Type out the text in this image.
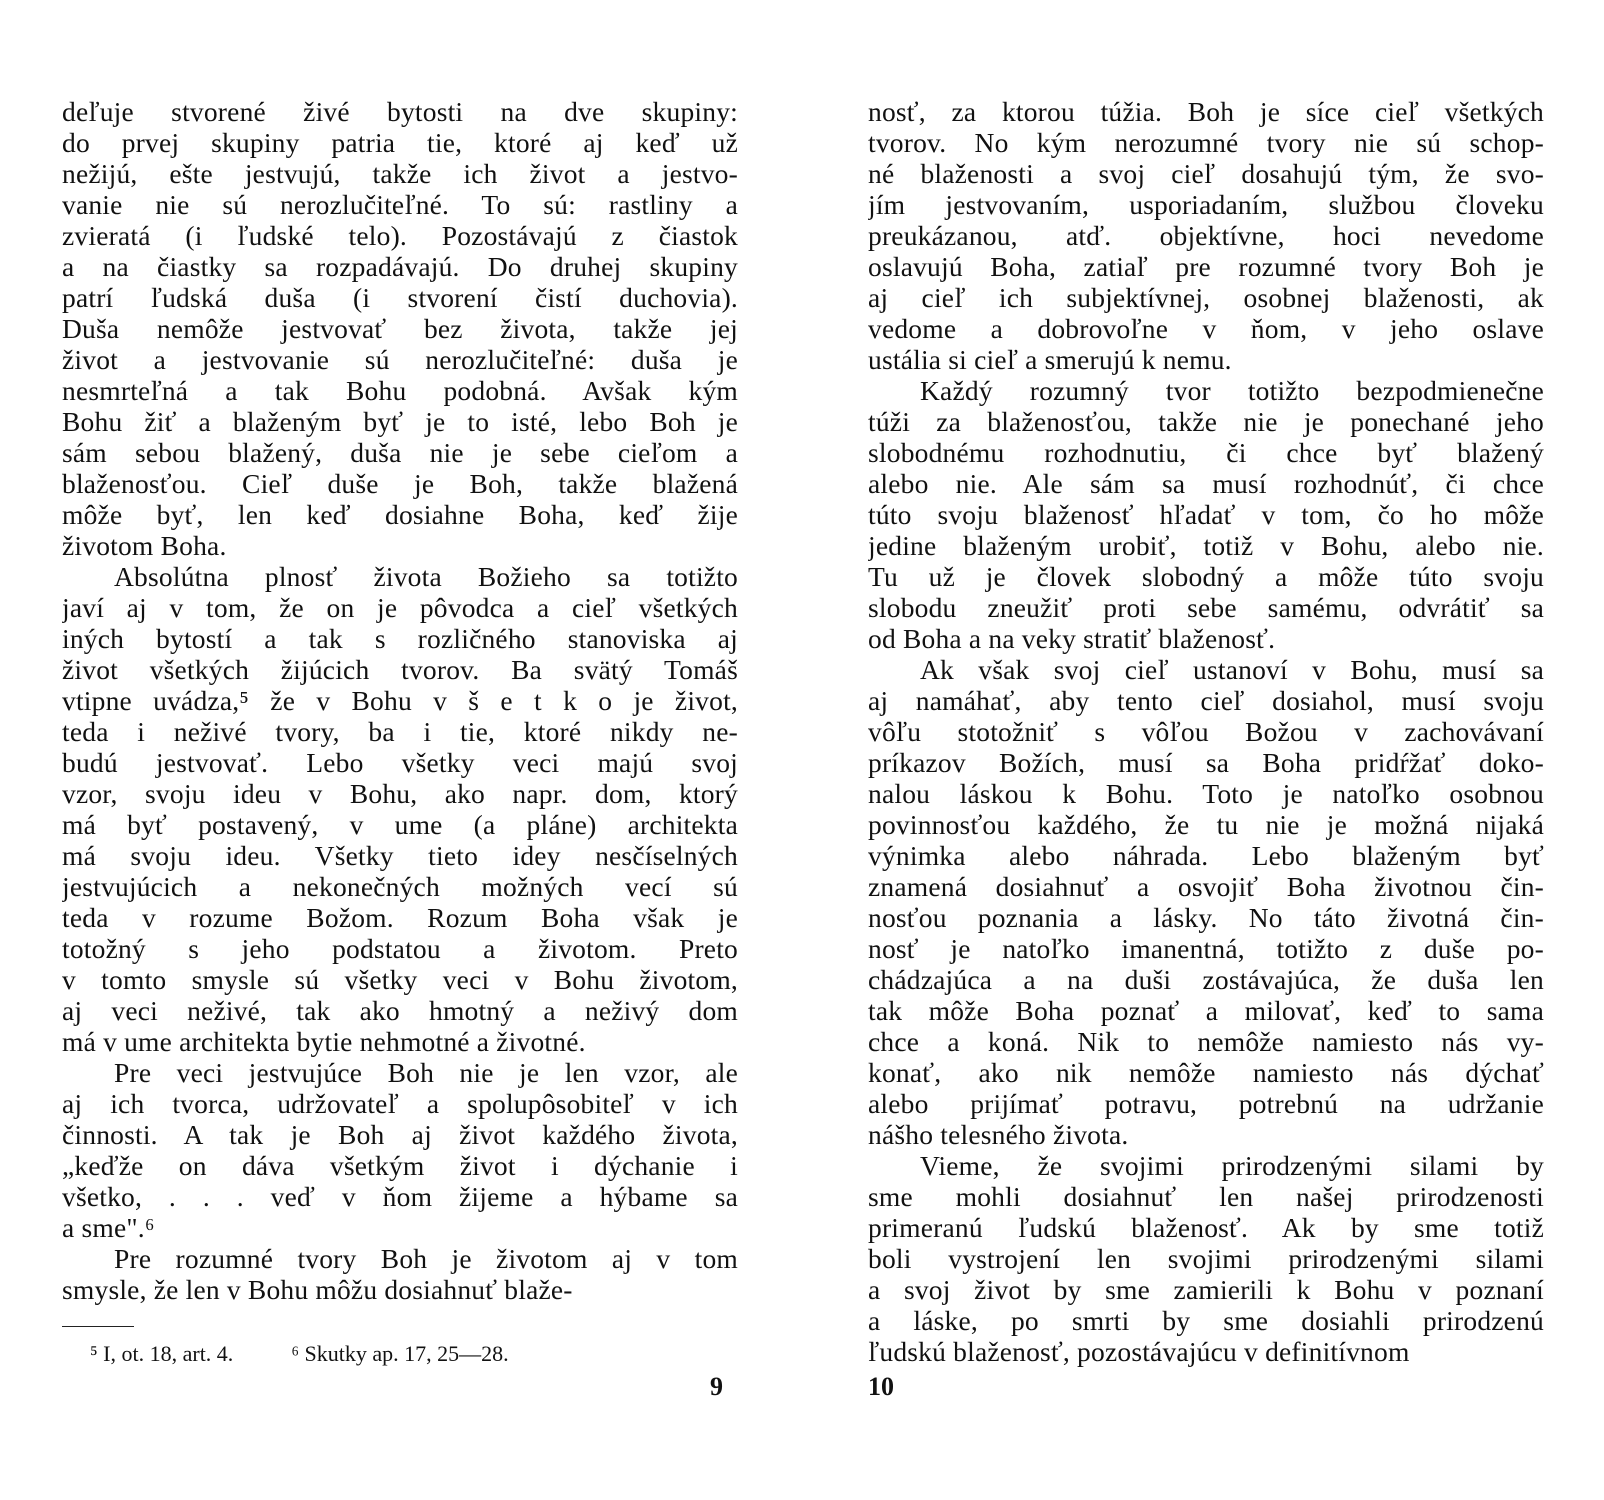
deľuje stvorené živé bytosti na dve skupiny:
do prvej skupiny patria tie, ktoré aj keď už
nežijú, ešte jestvujú, takže ich život a jestvo-
vanie nie sú nerozlučiteľné. To sú: rastliny a
zvieratá (i ľudské telo). Pozostávajú z čiastok
a na čiastky sa rozpadávajú. Do druhej skupiny
patrí ľudská duša (i stvorení čistí duchovia).
Duša nemôže jestvovať bez života, takže jej
život a jestvovanie sú nerozlučiteľné: duša je
nesmrteľná a tak Bohu podobná. Avšak kým
Bohu žiť a blaženým byť je to isté, lebo Boh je
sám sebou blažený, duša nie je sebe cieľom a
blaženosťou. Cieľ duše je Boh, takže blažená
môže byť, len keď dosiahne Boha, keď žije
životom Boha.

Absolútna plnosť života Božieho sa totižto
javí aj v tom, že on je pôvodca a cieľ všetkých
iných bytostí a tak s rozličného stanoviska aj
život všetkých žijúcich tvorov. Ba svätý Tomáš
vtipne uvádza,⁵ že v Bohu v š e t k o je život,
teda i neživé tvory, ba i tie, ktoré nikdy ne-
budú jestvovať. Lebo všetky veci majú svoj
vzor, svoju ideu v Bohu, ako napr. dom, ktorý
má byť postavený, v ume (a pláne) architekta
má svoju ideu. Všetky tieto idey nesčíselných
jestvujúcich a nekonečných možných vecí sú
teda v rozume Božom. Rozum Boha však je
totožný s jeho podstatou a životom. Preto
v tomto smysle sú všetky veci v Bohu životom,
aj veci neživé, tak ako hmotný a neživý dom
má v ume architekta bytie nehmotné a životné.

Pre veci jestvujúce Boh nie je len vzor, ale
aj ich tvorca, udržovateľ a spolupôsobiteľ v ich
činnosti. A tak je Boh aj život každého života,
„keďže on dáva všetkým život i dýchanie i
všetko, . . . veď v ňom žijeme a hýbame sa
a sme".⁶

Pre rozumné tvory Boh je životom aj v tom
smysle, že len v Bohu môžu dosiahnuť blaže-

⁵ I, ot. 18, art. 4.	⁶ Skutky ap. 17, 25—28.
9

nosť, za ktorou túžia. Boh je síce cieľ všetkých
tvorov. No kým nerozumné tvory nie sú schop-
né blaženosti a svoj cieľ dosahujú tým, že svo-
jím jestvovaním, usporiadaním, službou človeku
preukázanou, atď. objektívne, hoci nevedome
oslavujú Boha, zatiaľ pre rozumné tvory Boh je
aj cieľ ich subjektívnej, osobnej blaženosti, ak
vedome a dobrovoľne v ňom, v jeho oslave
ustália si cieľ a smerujú k nemu.

Každý rozumný tvor totižto bezpodmienečne
túži za blaženosťou, takže nie je ponechané jeho
slobodnému rozhodnutiu, či chce byť blažený
alebo nie. Ale sám sa musí rozhodnúť, či chce
túto svoju blaženosť hľadať v tom, čo ho môže
jedine blaženým urobiť, totiž v Bohu, alebo nie.
Tu už je človek slobodný a môže túto svoju
slobodu zneužiť proti sebe samému, odvrátiť sa
od Boha a na veky stratiť blaženosť.

Ak však svoj cieľ ustanoví v Bohu, musí sa
aj namáhať, aby tento cieľ dosiahol, musí svoju
vôľu stotožniť s vôľou Božou v zachovávaní
príkazov Božích, musí sa Boha pridŕžať doko-
nalou láskou k Bohu. Toto je natoľko osobnou
povinnosťou každého, že tu nie je možná nijaká
výnimka alebo náhrada. Lebo blaženým byť
znamená dosiahnuť a osvojiť Boha životnou čin-
nosťou poznania a lásky. No táto životná čin-
nosť je natoľko imanentná, totižto z duše po-
chádzajúca a na duši zostávajúca, že duša len
tak môže Boha poznať a milovať, keď to sama
chce a koná. Nik to nemôže namiesto nás vy-
konať, ako nik nemôže namiesto nás dýchať
alebo prijímať potravu, potrebnú na udržanie
nášho telesného života.

Vieme, že svojimi prirodzenými silami by
sme mohli dosiahnuť len našej prirodzenosti
primeranú ľudskú blaženosť. Ak by sme totiž
boli vystrojení len svojimi prirodzenými silami
a svoj život by sme zamierili k Bohu v poznaní
a láske, po smrti by sme dosiahli prirodzenú
ľudskú blaženosť, pozostávajúcu v definitívnom

10
